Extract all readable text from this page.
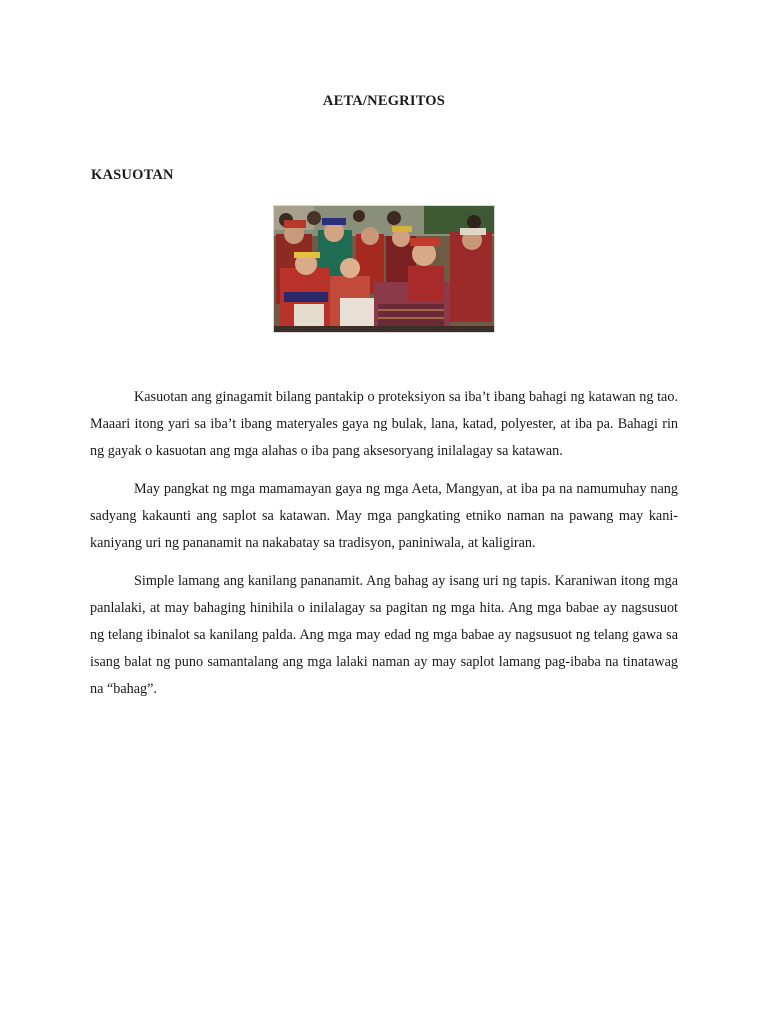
AETA/NEGRITOS
KASUOTAN

Kasuotan ang ginagamit bilang pantakip o proteksiyon sa iba’t ibang bahagi ng katawan ng tao. Maaari itong yari sa iba’t ibang materyales gaya ng bulak, lana, katad, polyester, at iba pa. Bahagi rin ng gayak o kasuotan ang mga alahas o iba pang aksesoryang inilalagay sa katawan.

May pangkat ng mga mamamayan gaya ng mga Aeta, Mangyan, at iba pa na namumuhay nang sadyang kakaunti ang saplot sa katawan. May mga pangkating etniko naman na pawang may kani-kaniyang uri ng pananamit na nakabatay sa tradisyon, paniniwala, at kaligiran.

Simple lamang ang kanilang pananamit. Ang bahag ay isang uri ng tapis. Karaniwan itong mga panlalaki, at may bahaging hinihila o inilalagay sa pagitan ng mga hita. Ang mga babae ay nagsusuot ng telang ibinalot sa kanilang palda. Ang mga may edad ng mga babae ay nagsusuot ng telang gawa sa isang balat ng puno samantalang ang mga lalaki naman ay may saplot lamang pag-ibaba na tinatawag na “bahag”.
